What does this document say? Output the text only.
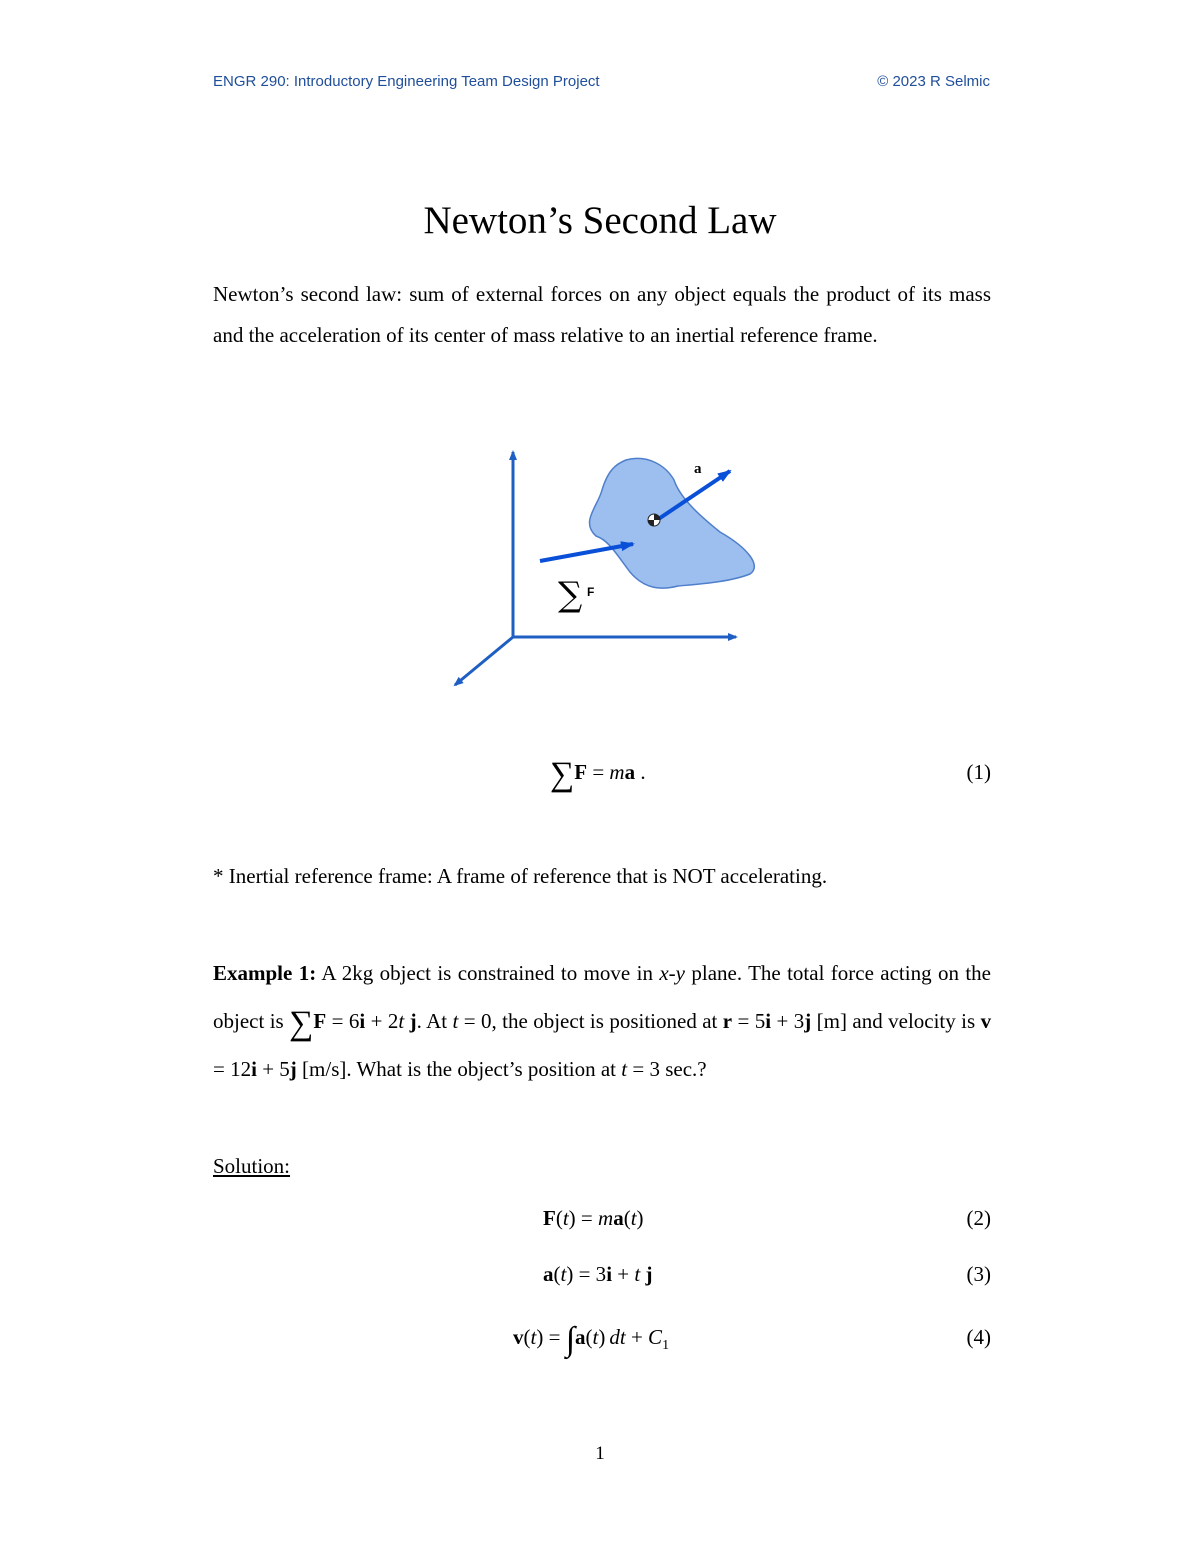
ENGR 290: Introductory Engineering Team Design Project	© 2023 R Selmic
Newton’s Second Law
Newton’s second law: sum of external forces on any object equals the product of its mass and the acceleration of its center of mass relative to an inertial reference frame.
a
∑ F
∑F = ma .	(1)
* Inertial reference frame: A frame of reference that is NOT accelerating.
Example 1: A 2kg object is constrained to move in x-y plane. The total force acting on the object is ∑F = 6i + 2t j. At t = 0, the object is positioned at r = 5i + 3j [m] and velocity is v = 12i + 5j [m/s]. What is the object’s position at t = 3 sec.?
Solution:
F(t) = ma(t)	(2)
a(t) = 3i + t j	(3)
v(t) = ∫a(t) dt + $C_1$	(4)
1
